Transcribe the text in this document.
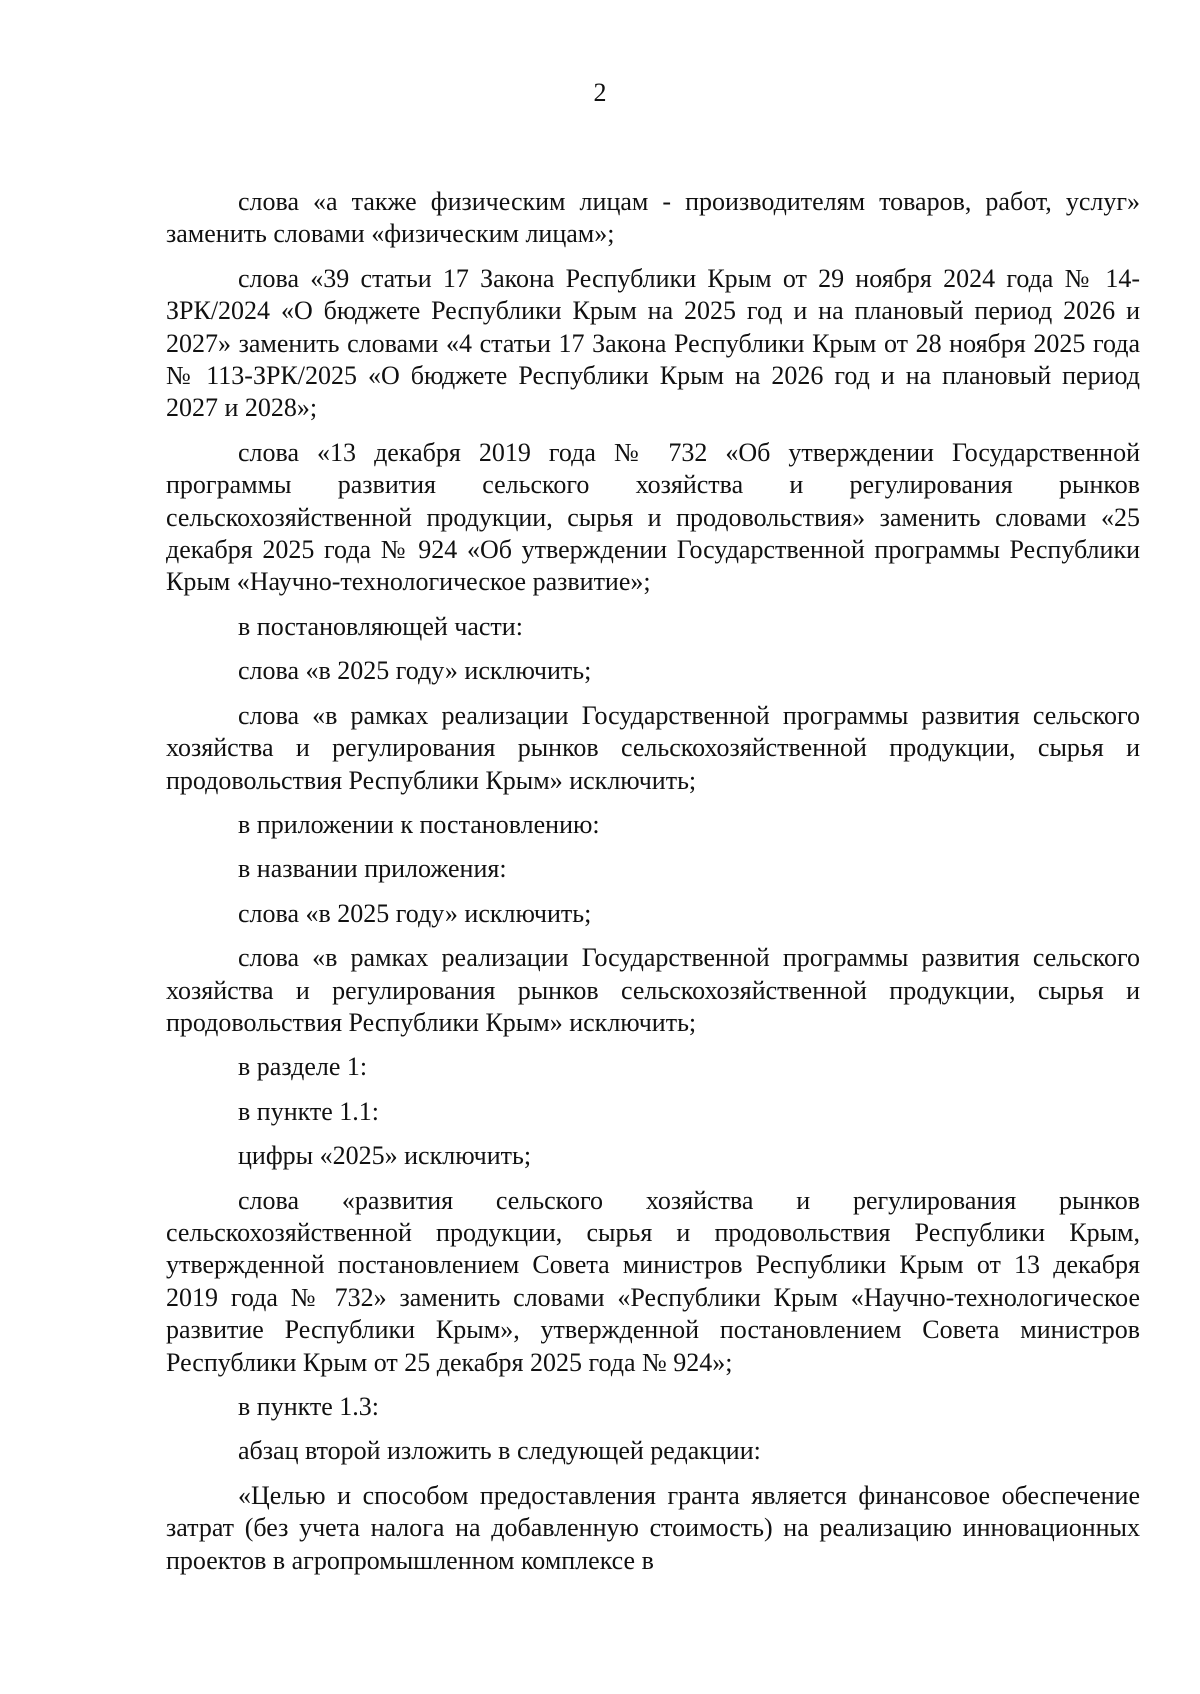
2

слова «а также физическим лицам - производителям товаров, работ, услуг» заменить словами «физическим лицам»;

слова «39 статьи 17 Закона Республики Крым от 29 ноября 2024 года № 14-ЗРК/2024 «О бюджете Республики Крым на 2025 год и на плановый период 2026 и 2027» заменить словами «4 статьи 17 Закона Республики Крым от 28 ноября 2025 года № 113-ЗРК/2025 «О бюджете Республики Крым на 2026 год и на плановый период 2027 и 2028»;

слова «13 декабря 2019 года № 732 «Об утверждении Государственной программы развития сельского хозяйства и регулирования рынков сельскохозяйственной продукции, сырья и продовольствия» заменить словами «25 декабря 2025 года № 924 «Об утверждении Государственной программы Республики Крым «Научно-технологическое развитие»;

в постановляющей части:

слова «в 2025 году» исключить;

слова «в рамках реализации Государственной программы развития сельского хозяйства и регулирования рынков сельскохозяйственной продукции, сырья и продовольствия Республики Крым» исключить;

в приложении к постановлению:

в названии приложения:

слова «в 2025 году» исключить;

слова «в рамках реализации Государственной программы развития сельского хозяйства и регулирования рынков сельскохозяйственной продукции, сырья и продовольствия Республики Крым» исключить;

в разделе 1:

в пункте 1.1:

цифры «2025» исключить;

слова «развития сельского хозяйства и регулирования рынков сельскохозяйственной продукции, сырья и продовольствия Республики Крым, утвержденной постановлением Совета министров Республики Крым от 13 декабря 2019 года № 732» заменить словами «Республики Крым «Научно-технологическое развитие Республики Крым», утвержденной постановлением Совета министров Республики Крым от 25 декабря 2025 года № 924»;

в пункте 1.3:

абзац второй изложить в следующей редакции:

«Целью и способом предоставления гранта является финансовое обеспечение затрат (без учета налога на добавленную стоимость) на реализацию инновационных проектов в агропромышленном комплексе в
